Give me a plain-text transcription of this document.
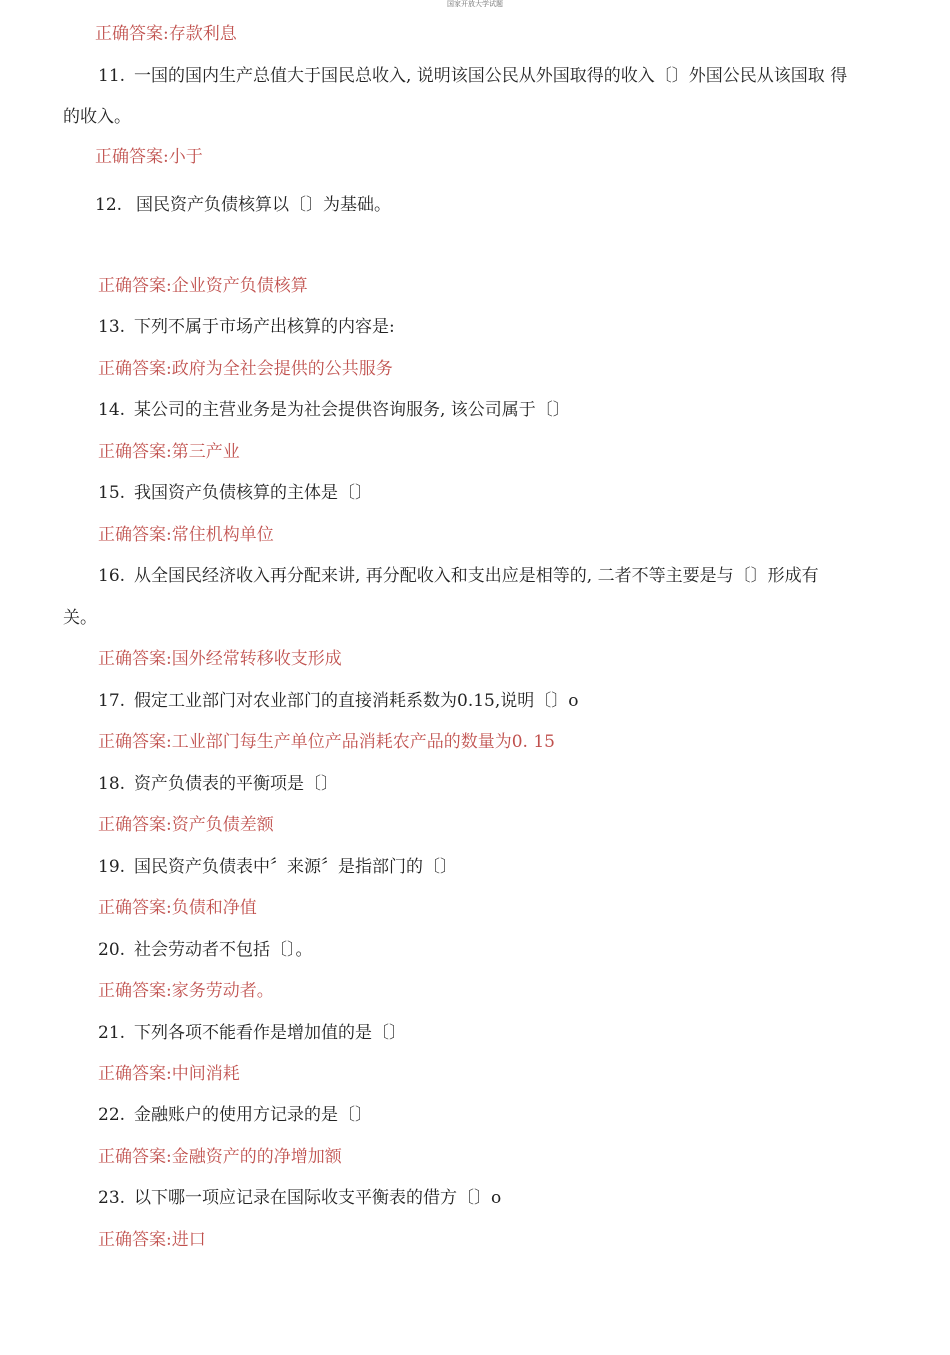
国家开放大学试题
正确答案:存款利息
11. 一国的国内生产总值大于国民总收入, 说明该国公民从外国取得的收入〔〕外国公民从该国取 得
的收入。
正确答案:小于
12. 国民资产负债核算以〔〕为基础。
正确答案:企业资产负债核算
13. 下列不属于市场产出核算的内容是:
正确答案:政府为全社会提供的公共服务
14. 某公司的主营业务是为社会提供咨询服务, 该公司属于〔〕
正确答案:第三产业
15. 我国资产负债核算的主体是〔〕
正确答案:常住机构单位
16. 从全国民经济收入再分配来讲, 再分配收入和支出应是相等的, 二者不等主要是与〔〕形成有
关。
正确答案:国外经常转移收支形成
17. 假定工业部门对农业部门的直接消耗系数为0.15,说明〔〕o
正确答案:工业部门每生产单位产品消耗农产品的数量为0. 15
18. 资产负债表的平衡项是〔〕
正确答案:资产负债差额
19. 国民资产负债表中〞来源〞是指部门的〔〕
正确答案:负债和净值
20. 社会劳动者不包括〔〕。
正确答案:家务劳动者。
21. 下列各项不能看作是增加值的是〔〕
正确答案:中间消耗
22. 金融账户的使用方记录的是〔〕
正确答案:金融资产的的净增加额
23. 以下哪一项应记录在国际收支平衡表的借方〔〕o
正确答案:进口
